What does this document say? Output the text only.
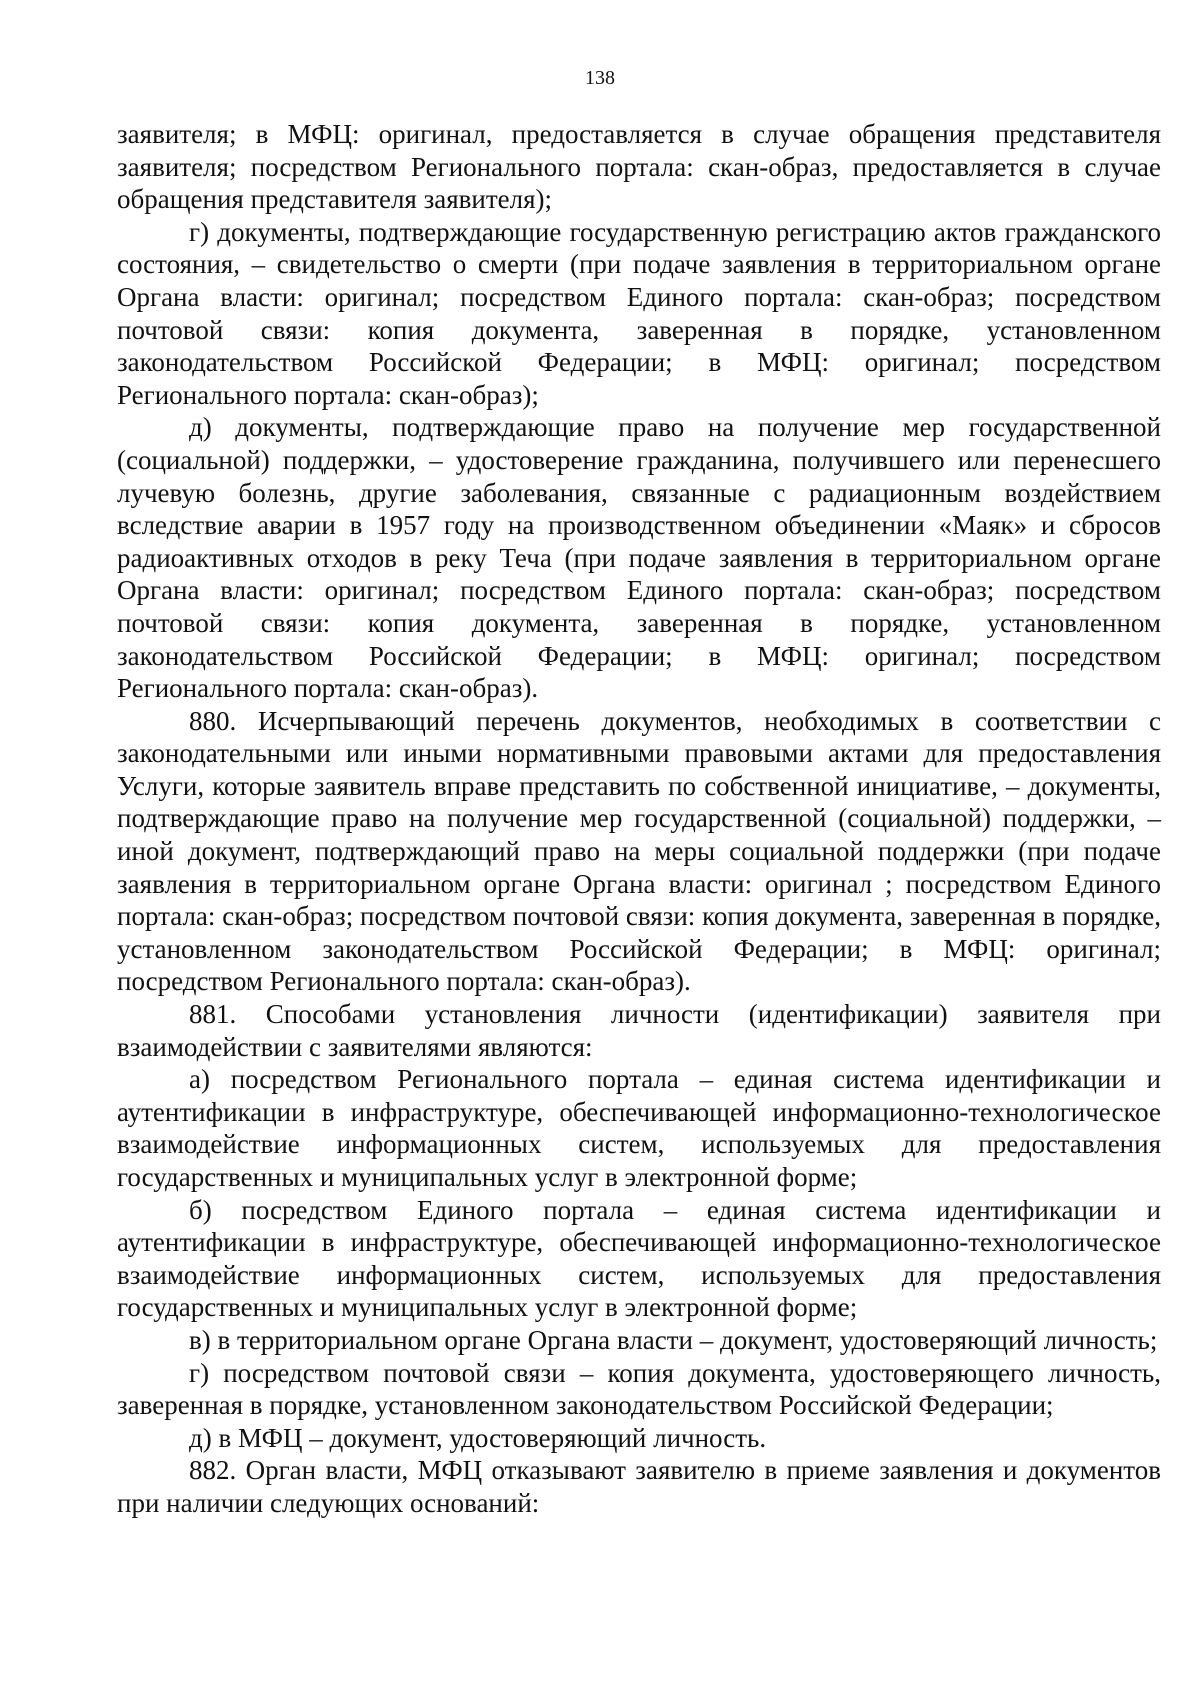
138

заявителя; в МФЦ: оригинал, предоставляется в случае обращения представителя заявителя; посредством Регионального портала: скан-образ, предоставляется в случае обращения представителя заявителя);

г) документы, подтверждающие государственную регистрацию актов гражданского состояния, – свидетельство о смерти (при подаче заявления в территориальном органе Органа власти: оригинал; посредством Единого портала: скан-образ; посредством почтовой связи: копия документа, заверенная в порядке, установленном законодательством Российской Федерации; в МФЦ: оригинал; посредством Регионального портала: скан-образ);

д) документы, подтверждающие право на получение мер государственной (социальной) поддержки, – удостоверение гражданина, получившего или перенесшего лучевую болезнь, другие заболевания, связанные с радиационным воздействием вследствие аварии в 1957 году на производственном объединении «Маяк» и сбросов радиоактивных отходов в реку Теча (при подаче заявления в территориальном органе Органа власти: оригинал; посредством Единого портала: скан-образ; посредством почтовой связи: копия документа, заверенная в порядке, установленном законодательством Российской Федерации; в МФЦ: оригинал; посредством Регионального портала: скан-образ).

880. Исчерпывающий перечень документов, необходимых в соответствии с законодательными или иными нормативными правовыми актами для предоставления Услуги, которые заявитель вправе представить по собственной инициативе, – документы, подтверждающие право на получение мер государственной (социальной) поддержки, – иной документ, подтверждающий право на меры социальной поддержки (при подаче заявления в территориальном органе Органа власти: оригинал ; посредством Единого портала: скан-образ; посредством почтовой связи: копия документа, заверенная в порядке, установленном законодательством Российской Федерации; в МФЦ: оригинал; посредством Регионального портала: скан-образ).

881. Способами установления личности (идентификации) заявителя при взаимодействии с заявителями являются:

а) посредством Регионального портала – единая система идентификации и аутентификации в инфраструктуре, обеспечивающей информационно-технологическое взаимодействие информационных систем, используемых для предоставления государственных и муниципальных услуг в электронной форме;

б) посредством Единого портала – единая система идентификации и аутентификации в инфраструктуре, обеспечивающей информационно-технологическое взаимодействие информационных систем, используемых для предоставления государственных и муниципальных услуг в электронной форме;

в) в территориальном органе Органа власти – документ, удостоверяющий личность;

г) посредством почтовой связи – копия документа, удостоверяющего личность, заверенная в порядке, установленном законодательством Российской Федерации;

д) в МФЦ – документ, удостоверяющий личность.

882. Орган власти, МФЦ отказывают заявителю в приеме заявления и документов при наличии следующих оснований:
